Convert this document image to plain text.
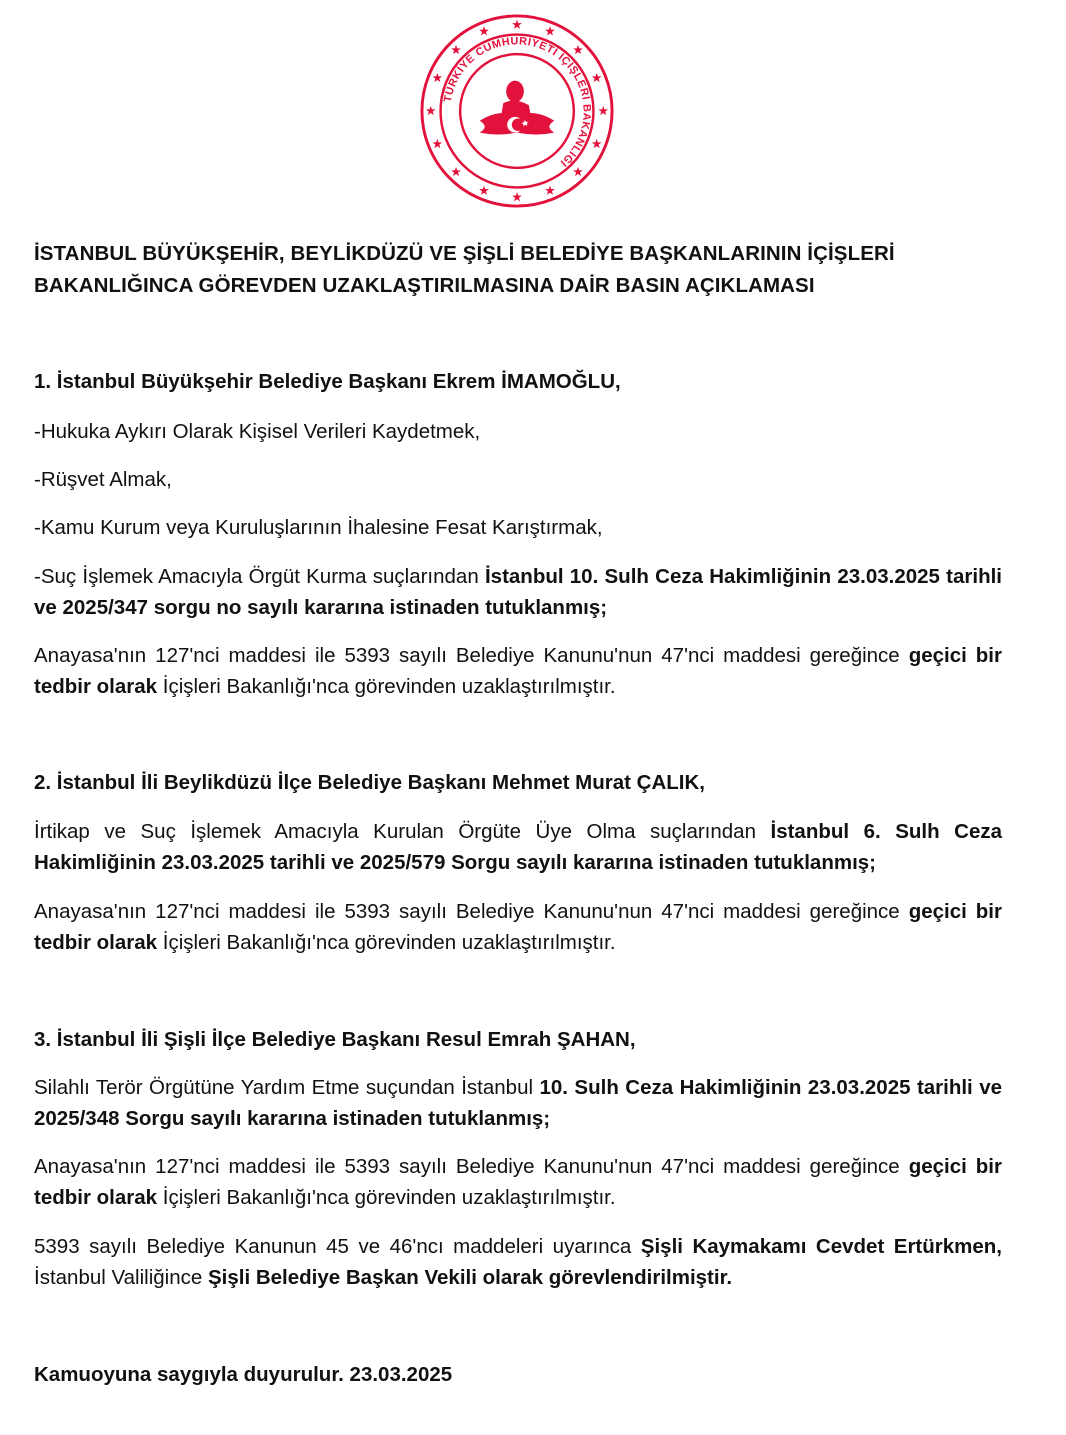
TÜRKİYE CUMHURİYETİ İÇİŞLERİ BAKANLIĞI
İSTANBUL BÜYÜKŞEHİR, BEYLİKDÜZÜ VE ŞİŞLİ BELEDİYE BAŞKANLARININ İÇİŞLERİ
BAKANLIĞINCA GÖREVDEN UZAKLAŞTIRILMASINA DAİR BASIN AÇIKLAMASI
1. İstanbul Büyükşehir Belediye Başkanı Ekrem İMAMOĞLU,
-Hukuka Aykırı Olarak Kişisel Verileri Kaydetmek,
-Rüşvet Almak,
-Kamu Kurum veya Kuruluşlarının İhalesine Fesat Karıştırmak,
-Suç İşlemek Amacıyla Örgüt Kurma suçlarından İstanbul 10. Sulh Ceza Hakimliğinin 23.03.2025 tarihli ve 2025/347 sorgu no sayılı kararına istinaden tutuklanmış;
Anayasa'nın 127'nci maddesi ile 5393 sayılı Belediye Kanunu'nun 47'nci maddesi gereğince geçici bir tedbir olarak İçişleri Bakanlığı'nca görevinden uzaklaştırılmıştır.
2. İstanbul İli Beylikdüzü İlçe Belediye Başkanı Mehmet Murat ÇALIK,
İrtikap ve Suç İşlemek Amacıyla Kurulan Örgüte Üye Olma suçlarından İstanbul 6. Sulh Ceza Hakimliğinin 23.03.2025 tarihli ve 2025/579 Sorgu sayılı kararına istinaden tutuklanmış;
Anayasa'nın 127'nci maddesi ile 5393 sayılı Belediye Kanunu'nun 47'nci maddesi gereğince geçici bir tedbir olarak İçişleri Bakanlığı'nca görevinden uzaklaştırılmıştır.
3. İstanbul İli Şişli İlçe Belediye Başkanı Resul Emrah ŞAHAN,
Silahlı Terör Örgütüne Yardım Etme suçundan İstanbul 10. Sulh Ceza Hakimliğinin 23.03.2025 tarihli ve 2025/348 Sorgu sayılı kararına istinaden tutuklanmış;
Anayasa'nın 127'nci maddesi ile 5393 sayılı Belediye Kanunu'nun 47'nci maddesi gereğince geçici bir tedbir olarak İçişleri Bakanlığı'nca görevinden uzaklaştırılmıştır.
5393 sayılı Belediye Kanunun 45 ve 46'ncı maddeleri uyarınca Şişli Kaymakamı Cevdet Ertürkmen, İstanbul Valiliğince Şişli Belediye Başkan Vekili olarak görevlendirilmiştir.
Kamuoyuna saygıyla duyurulur. 23.03.2025
